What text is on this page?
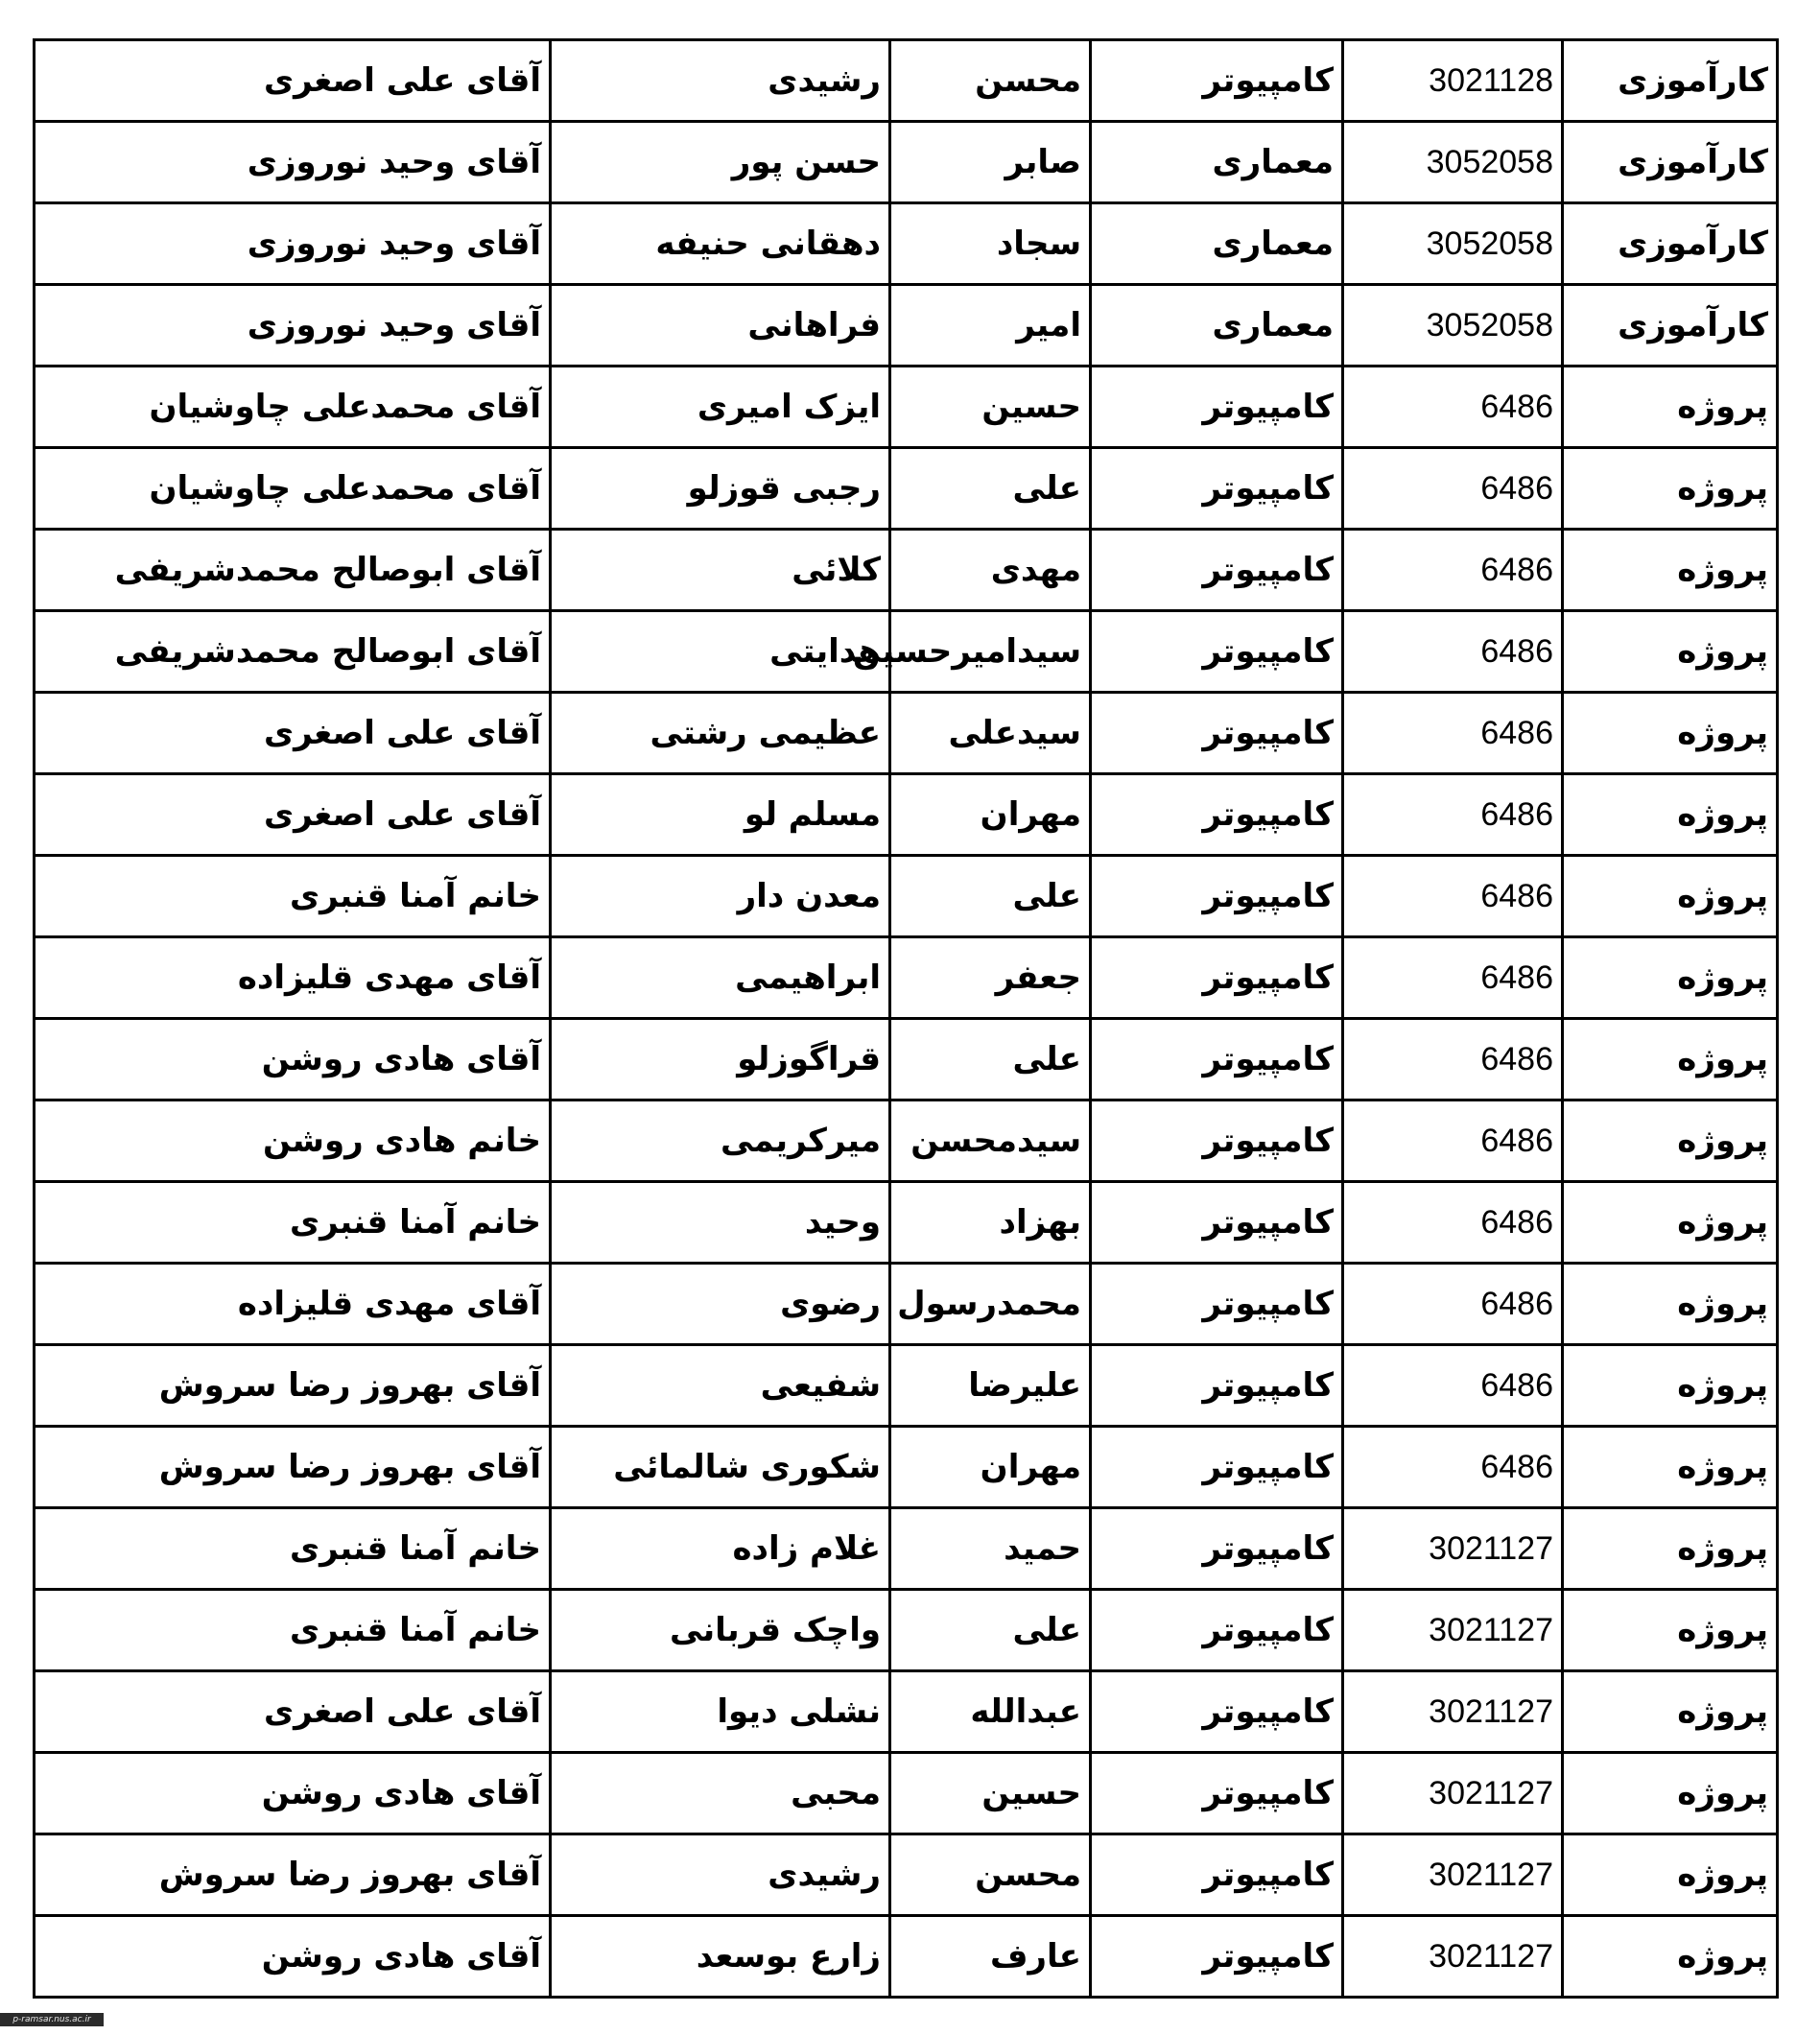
کارآموزی	3021128	کامپیوتر	محسن	رشیدی	آقای علی اصغری
کارآموزی	3052058	معماری	صابر	حسن پور	آقای وحید نوروزی
کارآموزی	3052058	معماری	سجاد	دهقانی حنیفه	آقای وحید نوروزی
کارآموزی	3052058	معماری	امیر	فراهانی	آقای وحید نوروزی
پروژه	6486	کامپیوتر	حسین	ایزک امیری	آقای محمدعلی چاوشیان
پروژه	6486	کامپیوتر	علی	رجبی قوزلو	آقای محمدعلی چاوشیان
پروژه	6486	کامپیوتر	مهدی	کلائی	آقای ابوصالح محمدشریفی
پروژه	6486	کامپیوتر	سیدامیرحسین	هدایتی	آقای ابوصالح محمدشریفی
پروژه	6486	کامپیوتر	سیدعلی	عظیمی رشتی	آقای علی اصغری
پروژه	6486	کامپیوتر	مهران	مسلم لو	آقای علی اصغری
پروژه	6486	کامپیوتر	علی	معدن دار	خانم آمنا قنبری
پروژه	6486	کامپیوتر	جعفر	ابراهیمی	آقای مهدی قلیزاده
پروژه	6486	کامپیوتر	علی	قراگوزلو	آقای هادی روشن
پروژه	6486	کامپیوتر	سیدمحسن	میرکریمی	خانم هادی روشن
پروژه	6486	کامپیوتر	بهزاد	وحید	خانم آمنا قنبری
پروژه	6486	کامپیوتر	محمدرسول	رضوی	آقای مهدی قلیزاده
پروژه	6486	کامپیوتر	علیرضا	شفیعی	آقای بهروز رضا سروش
پروژه	6486	کامپیوتر	مهران	شکوری شالمائی	آقای بهروز رضا سروش
پروژه	3021127	کامپیوتر	حمید	غلام زاده	خانم آمنا قنبری
پروژه	3021127	کامپیوتر	علی	واچک قربانی	خانم آمنا قنبری
پروژه	3021127	کامپیوتر	عبدالله	نشلی دیوا	آقای علی اصغری
پروژه	3021127	کامپیوتر	حسین	محبی	آقای هادی روشن
پروژه	3021127	کامپیوتر	محسن	رشیدی	آقای بهروز رضا سروش
پروژه	3021127	کامپیوتر	عارف	زارع بوسعد	آقای هادی روشن
p-ramsar.nus.ac.ir
